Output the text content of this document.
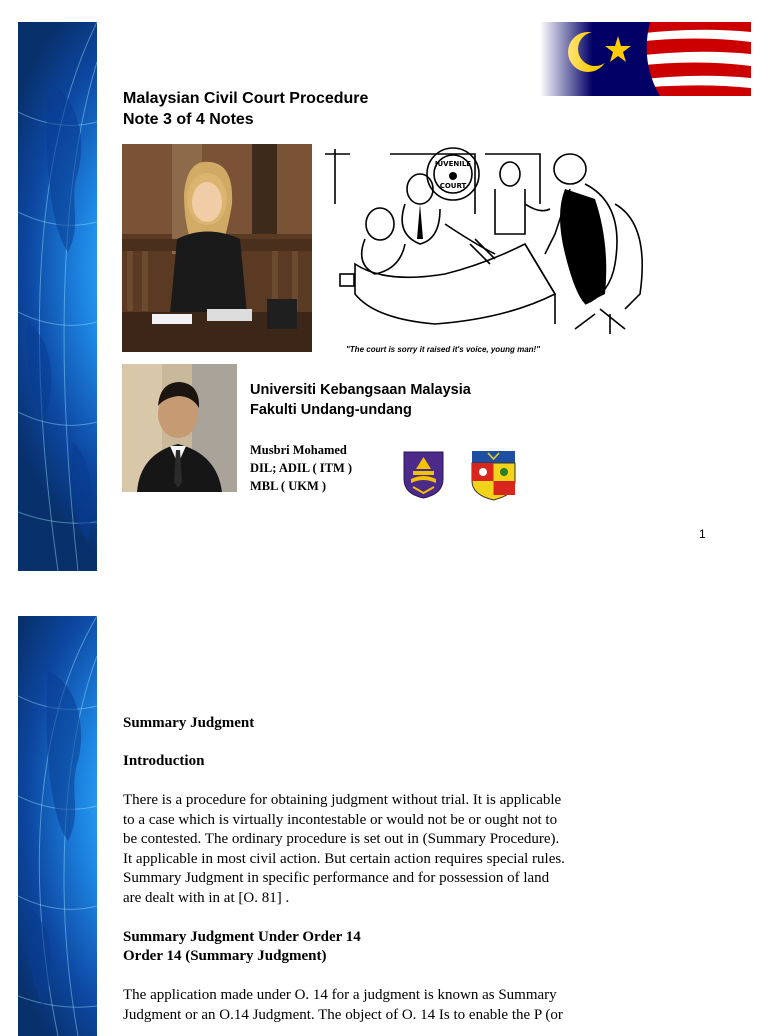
Malaysian Civil Court Procedure
Note 3 of 4 Notes
JUVENILE
COURT
"The court is sorry it raised it's voice, young man!"
Universiti Kebangsaan Malaysia
Fakulti Undang-undang
Musbri Mohamed
DIL; ADIL ( ITM )
MBL ( UKM )
1
Summary Judgment
Introduction
There is a procedure for obtaining judgment without trial. It is applicable
to a case which is virtually incontestable or would not be or ought not to
be contested. The ordinary procedure is set out in (Summary Procedure).
It applicable in most civil action. But certain action requires special rules.
Summary Judgment in specific performance and for possession of land
are dealt with in at [O. 81] .
Summary Judgment Under Order 14
Order 14 (Summary Judgment)
The application made under O. 14 for a judgment is known as Summary
Judgment or an O.14 Judgment. The object of O. 14 Is to enable the P (or
